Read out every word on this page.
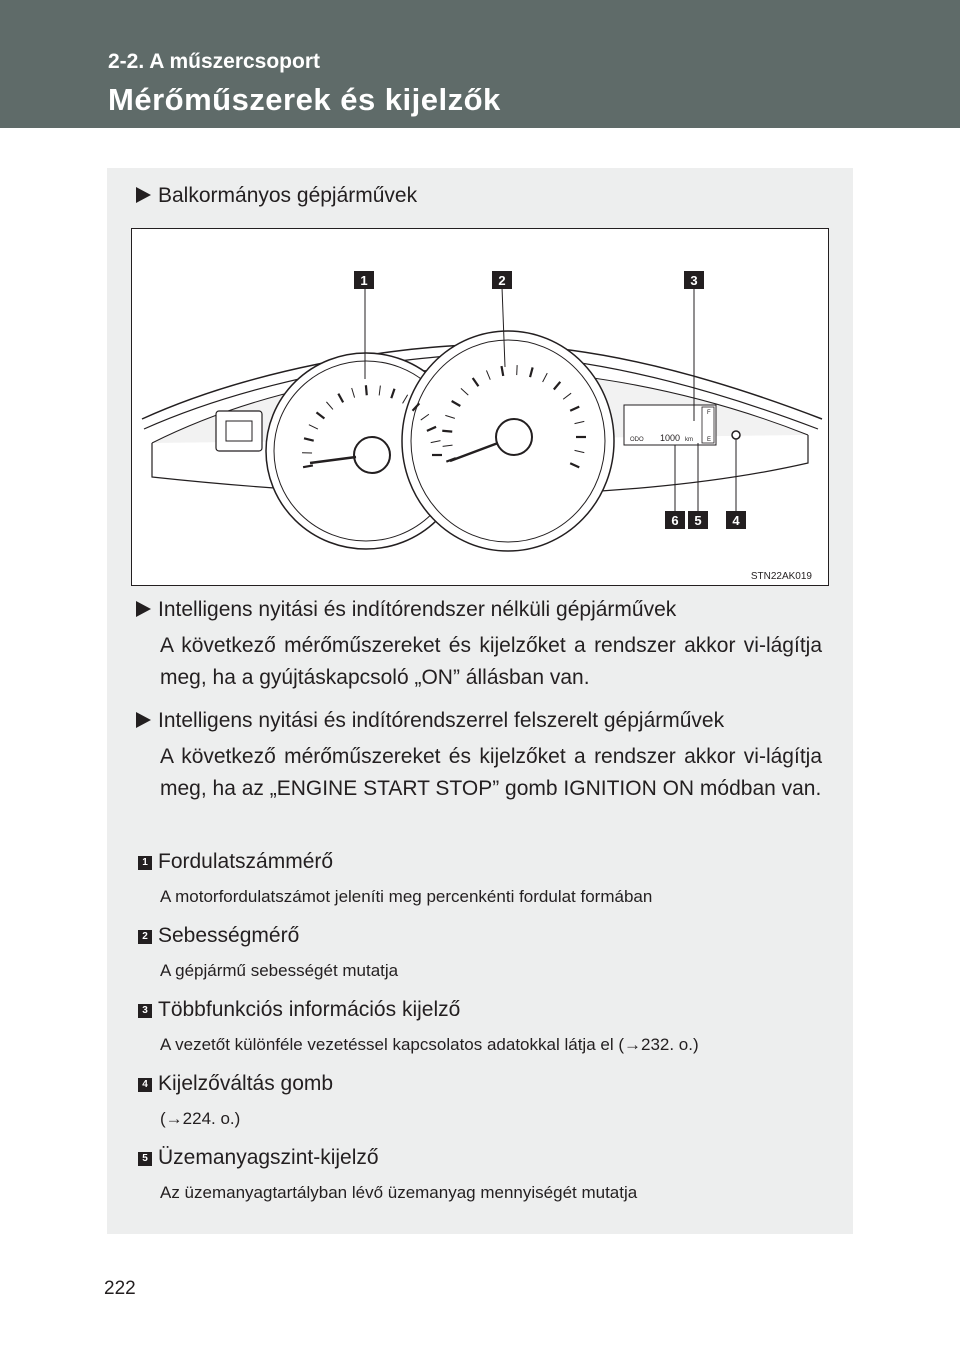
2-2. A műszercsoport
Mérőműszerek és kijelzők
Balkormányos gépjárművek
ODO 1000 km
F
E
1	2	3
6 5 4
STN22AK019
Intelligens nyitási és indítórendszer nélküli gépjárművek
A következő mérőműszereket és kijelzőket a rendszer akkor vi-lágítja meg, ha a gyújtáskapcsoló „ON” állásban van.
Intelligens nyitási és indítórendszerrel felszerelt gépjárművek
A következő mérőműszereket és kijelzőket a rendszer akkor vi-lágítja meg, ha az „ENGINE START STOP” gomb IGNITION ON módban van.
1 Fordulatszámmérő
A motorfordulatszámot jeleníti meg percenkénti fordulat formában
2 Sebességmérő
A gépjármű sebességét mutatja
3 Többfunkciós információs kijelző
A vezetőt különféle vezetéssel kapcsolatos adatokkal látja el (→232. o.)
4 Kijelzőváltás gomb
(→224. o.)
5 Üzemanyagszint-kijelző
Az üzemanyagtartályban lévő üzemanyag mennyiségét mutatja
222
